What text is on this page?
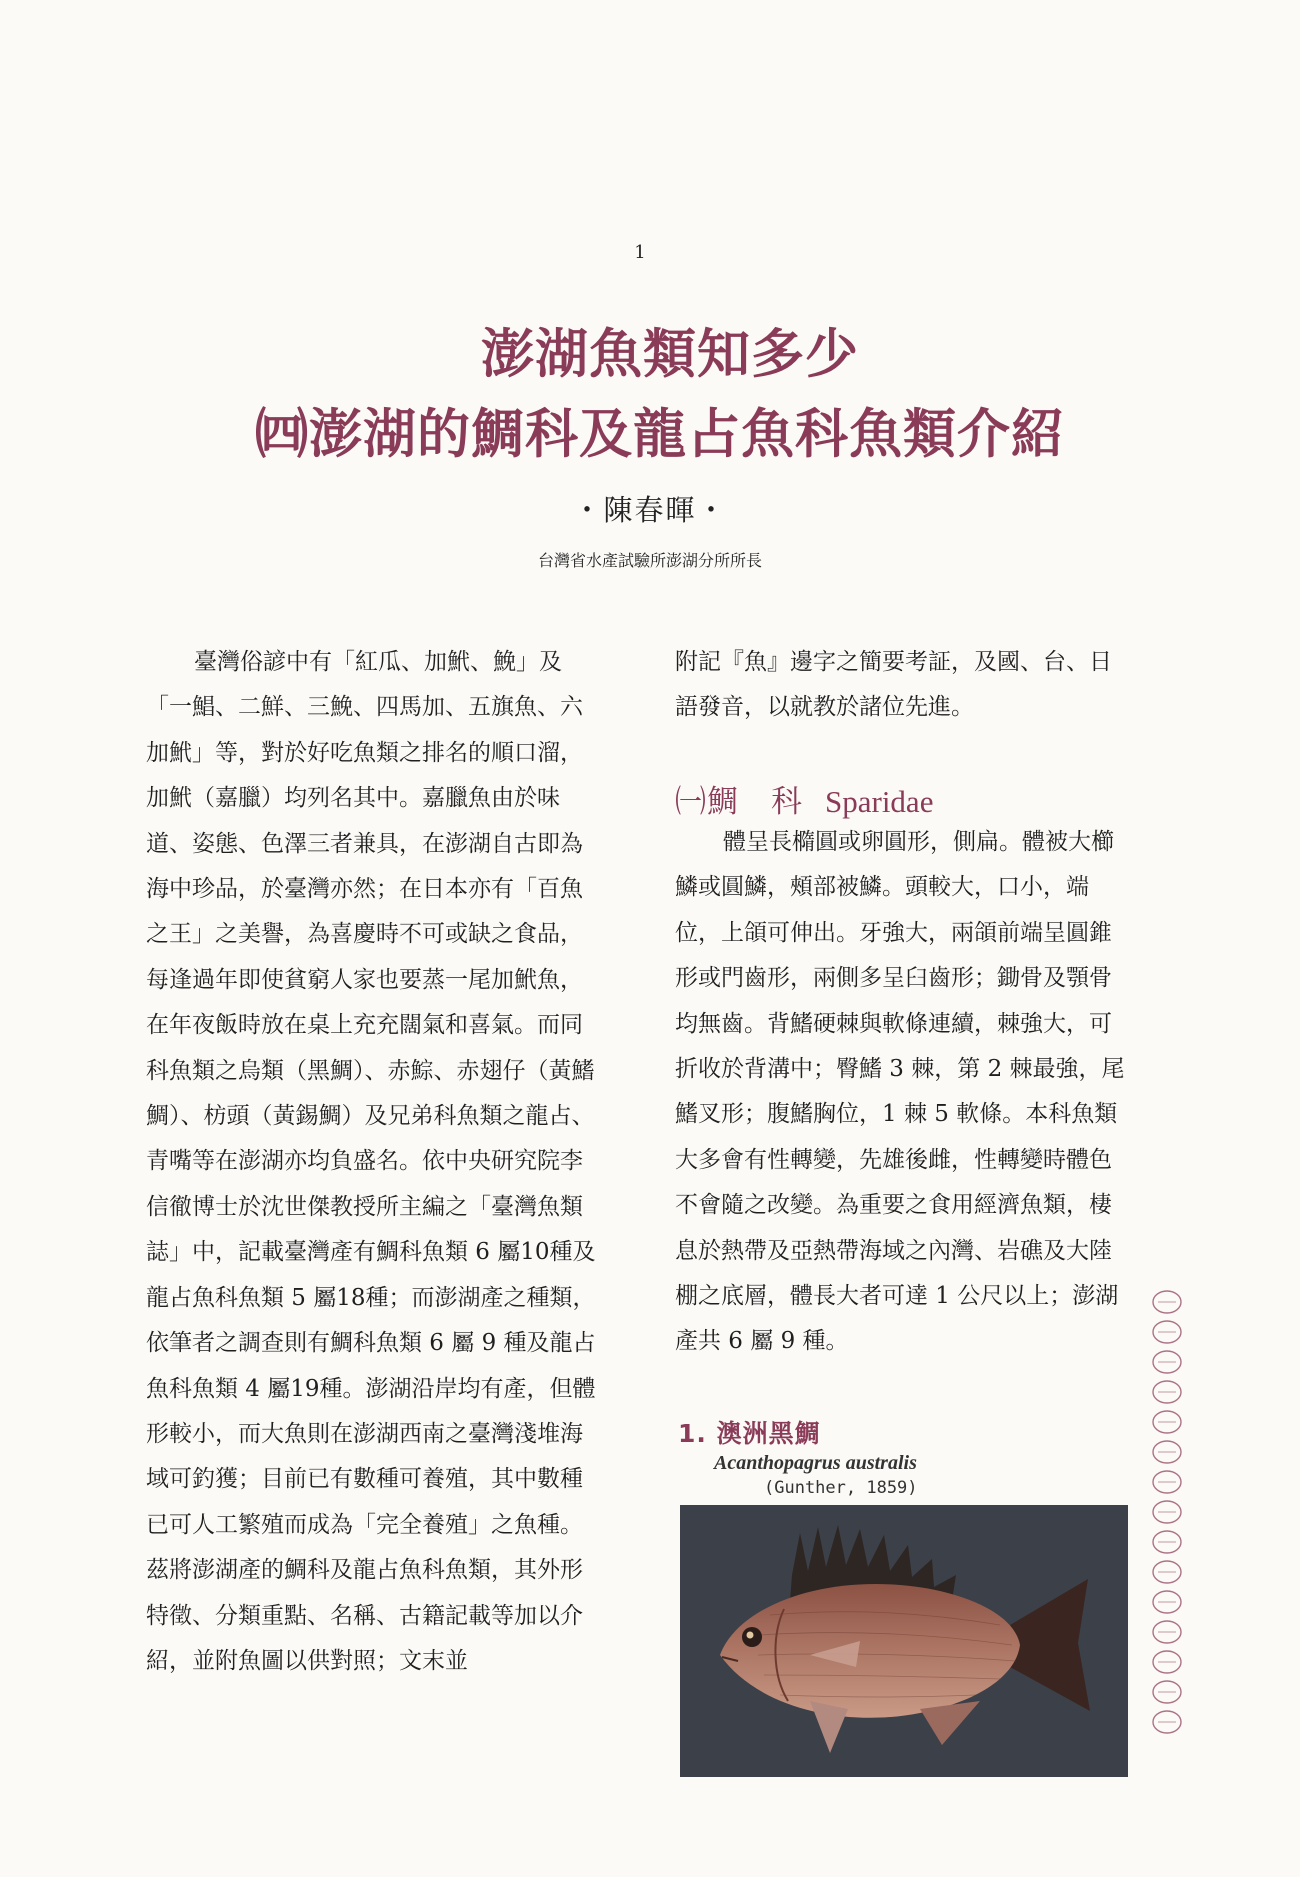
1
澎湖魚類知多少
㈣澎湖的鯛科及龍占魚科魚類介紹
・陳春暉・
台灣省水產試驗所澎湖分所所長

臺灣俗諺中有「紅瓜、加鮘、鮸」及「一鯧、二鮮、三鮸、四馬加、五旗魚、六加鮘」等，對於好吃魚類之排名的順口溜，加鮘（嘉臘）均列名其中。嘉臘魚由於味道、姿態、色澤三者兼具，在澎湖自古即為海中珍品，於臺灣亦然；在日本亦有「百魚之王」之美譽，為喜慶時不可或缺之食品，每逢過年即使貧窮人家也要蒸一尾加鮘魚，在年夜飯時放在桌上充充闊氣和喜氣。而同科魚類之烏類（黑鯛）、赤鯮、赤翅仔（黃鰭鯛）、枋頭（黃錫鯛）及兄弟科魚類之龍占、青嘴等在澎湖亦均負盛名。依中央研究院李信徹博士於沈世傑教授所主編之「臺灣魚類誌」中，記載臺灣產有鯛科魚類 6 屬10種及龍占魚科魚類 5 屬18種；而澎湖產之種類，依筆者之調查則有鯛科魚類 6 屬 9 種及龍占魚科魚類 4 屬19種。澎湖沿岸均有產，但體形較小，而大魚則在澎湖西南之臺灣淺堆海域可釣獲；目前已有數種可養殖，其中數種已可人工繁殖而成為「完全養殖」之魚種。茲將澎湖產的鯛科及龍占魚科魚類，其外形特徵、分類重點、名稱、古籍記載等加以介紹，並附魚圖以供對照；文末並

附記『魚』邊字之簡要考証，及國、台、日語發音，以就教於諸位先進。

㈠鯛　科 Sparidae

體呈長橢圓或卵圓形，側扁。體被大櫛鱗或圓鱗，頰部被鱗。頭較大，口小，端位，上頜可伸出。牙強大，兩頜前端呈圓錐形或門齒形，兩側多呈臼齒形；鋤骨及顎骨均無齒。背鰭硬棘與軟條連續，棘強大，可折收於背溝中；臀鰭 3 棘，第 2 棘最強，尾鰭叉形；腹鰭胸位，1 棘 5 軟條。本科魚類大多會有性轉變，先雄後雌，性轉變時體色不會隨之改變。為重要之食用經濟魚類，棲息於熱帶及亞熱帶海域之內灣、岩礁及大陸棚之底層，體長大者可達 1 公尺以上；澎湖產共 6 屬 9 種。

1. 澳洲黑鯛
Acanthopagrus australis
(Gunther, 1859)
